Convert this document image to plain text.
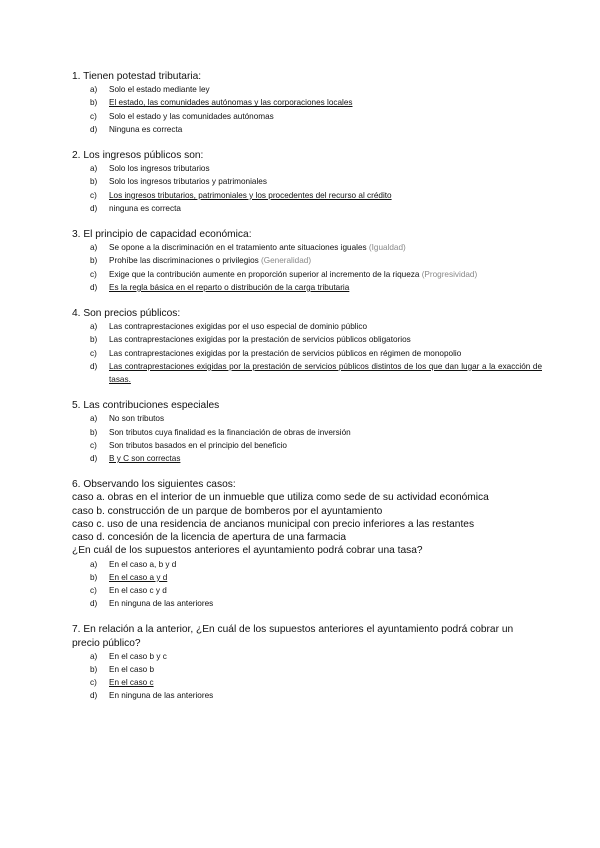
1. Tienen potestad tributaria:

a)	Solo el estado mediante ley
b)	El estado, las comunidades autónomas y las corporaciones locales
c)	Solo el estado y las comunidades autónomas
d)	Ninguna es correcta

2. Los ingresos públicos son:

a)	Solo los ingresos tributarios
b)	Solo los ingresos tributarios y patrimoniales
c)	Los ingresos tributarios, patrimoniales y los procedentes del recurso al crédito
d)	ninguna es correcta

3. El principio de capacidad económica:

a)	Se opone a la discriminación en el tratamiento ante situaciones iguales (Igualdad)
b)	Prohíbe las discriminaciones o privilegios (Generalidad)
c)	Exige que la contribución aumente en proporción superior al incremento de la riqueza (Progresividad)
d)	Es la regla básica en el reparto o distribución de la carga tributaria

4. Son precios públicos:

a)	Las contraprestaciones exigidas por el uso especial de dominio público
b)	Las contraprestaciones exigidas por la prestación de servicios públicos obligatorios
c)	Las contraprestaciones exigidas por la prestación de servicios públicos en régimen de monopolio
d)	Las contraprestaciones exigidas por la prestación de servicios públicos distintos de los que dan lugar a la exacción de tasas.

5. Las contribuciones especiales

a)	No son tributos
b)	Son tributos cuya finalidad es la financiación de obras de inversión
c)	Son tributos basados en el principio del beneficio
d)	B y C son correctas

6. Observando los siguientes casos:

caso a. obras en el interior de un inmueble que utiliza como sede de su actividad económica

caso b. construcción de un parque de bomberos por el ayuntamiento

caso c. uso de una residencia de ancianos municipal con precio inferiores a las restantes

caso d. concesión de la licencia de apertura de una farmacia

¿En cuál de los supuestos anteriores el ayuntamiento podrá cobrar una tasa?

a)	En el caso a, b y d
b)	En el caso a y d
c)	En el caso c y d
d)	En ninguna de las anteriores

7. En relación a la anterior, ¿En cuál de los supuestos anteriores el ayuntamiento podrá cobrar un precio público?

a)	En el caso b y c
b)	En el caso b
c)	En el caso c
d)	En ninguna de las anteriores
